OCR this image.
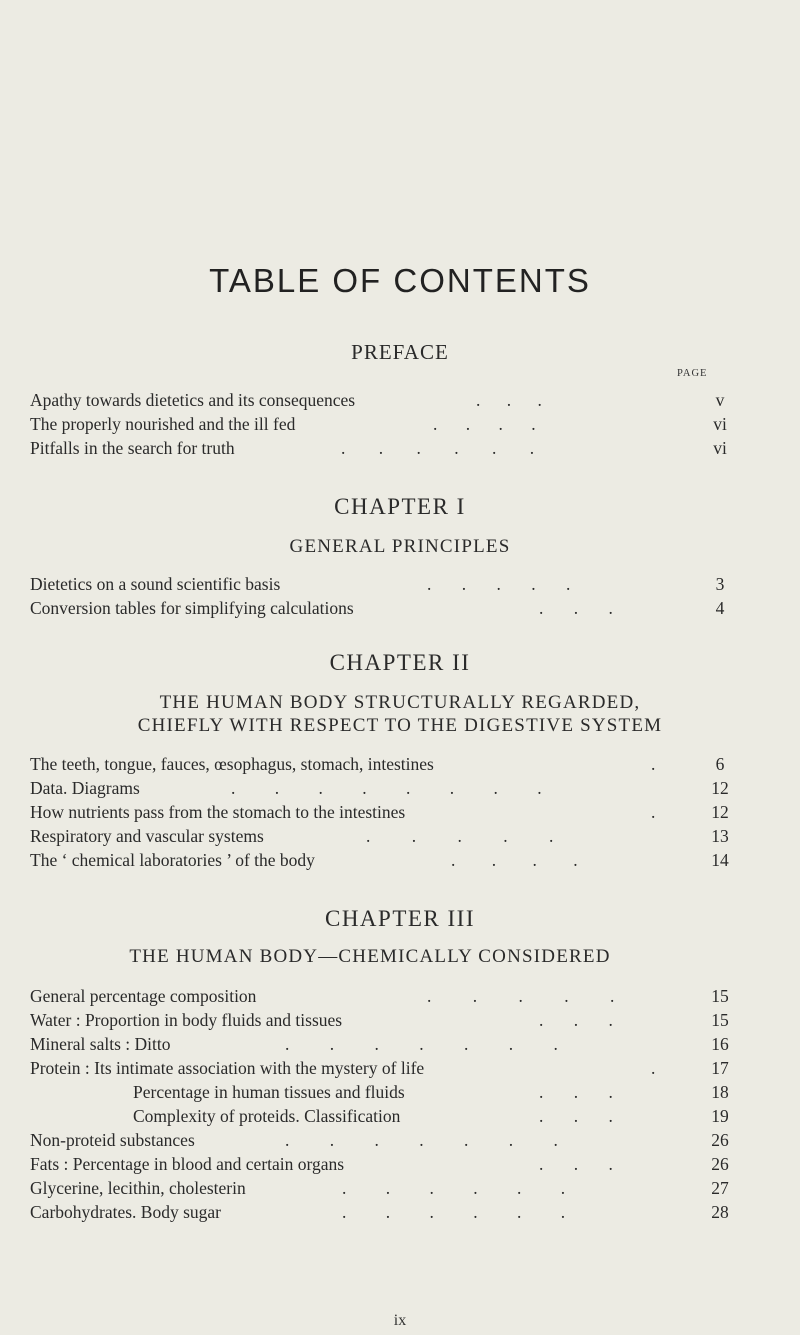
TABLE OF CONTENTS
PREFACE
PAGE
Apathy towards dietetics and its consequences	. . .	v
The properly nourished and the ill fed	. . . .	vi
Pitfalls in the search for truth	. . . . . .	vi
CHAPTER I
GENERAL PRINCIPLES
Dietetics on a sound scientific basis	. . . . .	3
Conversion tables for simplifying calculations	. . .	4
CHAPTER II
THE HUMAN BODY STRUCTURALLY REGARDED,
CHIEFLY WITH RESPECT TO THE DIGESTIVE SYSTEM
The teeth, tongue, fauces, œsophagus, stomach, intestines	.	6
Data. Diagrams	. . . . . . . .	12
How nutrients pass from the stomach to the intestines	.	12
Respiratory and vascular systems	. . . . .	13
The ‘ chemical laboratories ’ of the body	. . . .	14
CHAPTER III
THE HUMAN BODY—CHEMICALLY CONSIDERED
General percentage composition	. . . . .	15
Water : Proportion in body fluids and tissues	. . .	15
Mineral salts : Ditto	. . . . . . .	16
Protein : Its intimate association with the mystery of life	.	17
Percentage in human tissues and fluids	. . .	18
Complexity of proteids. Classification	. . .	19
Non-proteid substances	. . . . . . .	26
Fats : Percentage in blood and certain organs	. . .	26
Glycerine, lecithin, cholesterin	. . . . . .	27
Carbohydrates. Body sugar	. . . . . .	28
ix
